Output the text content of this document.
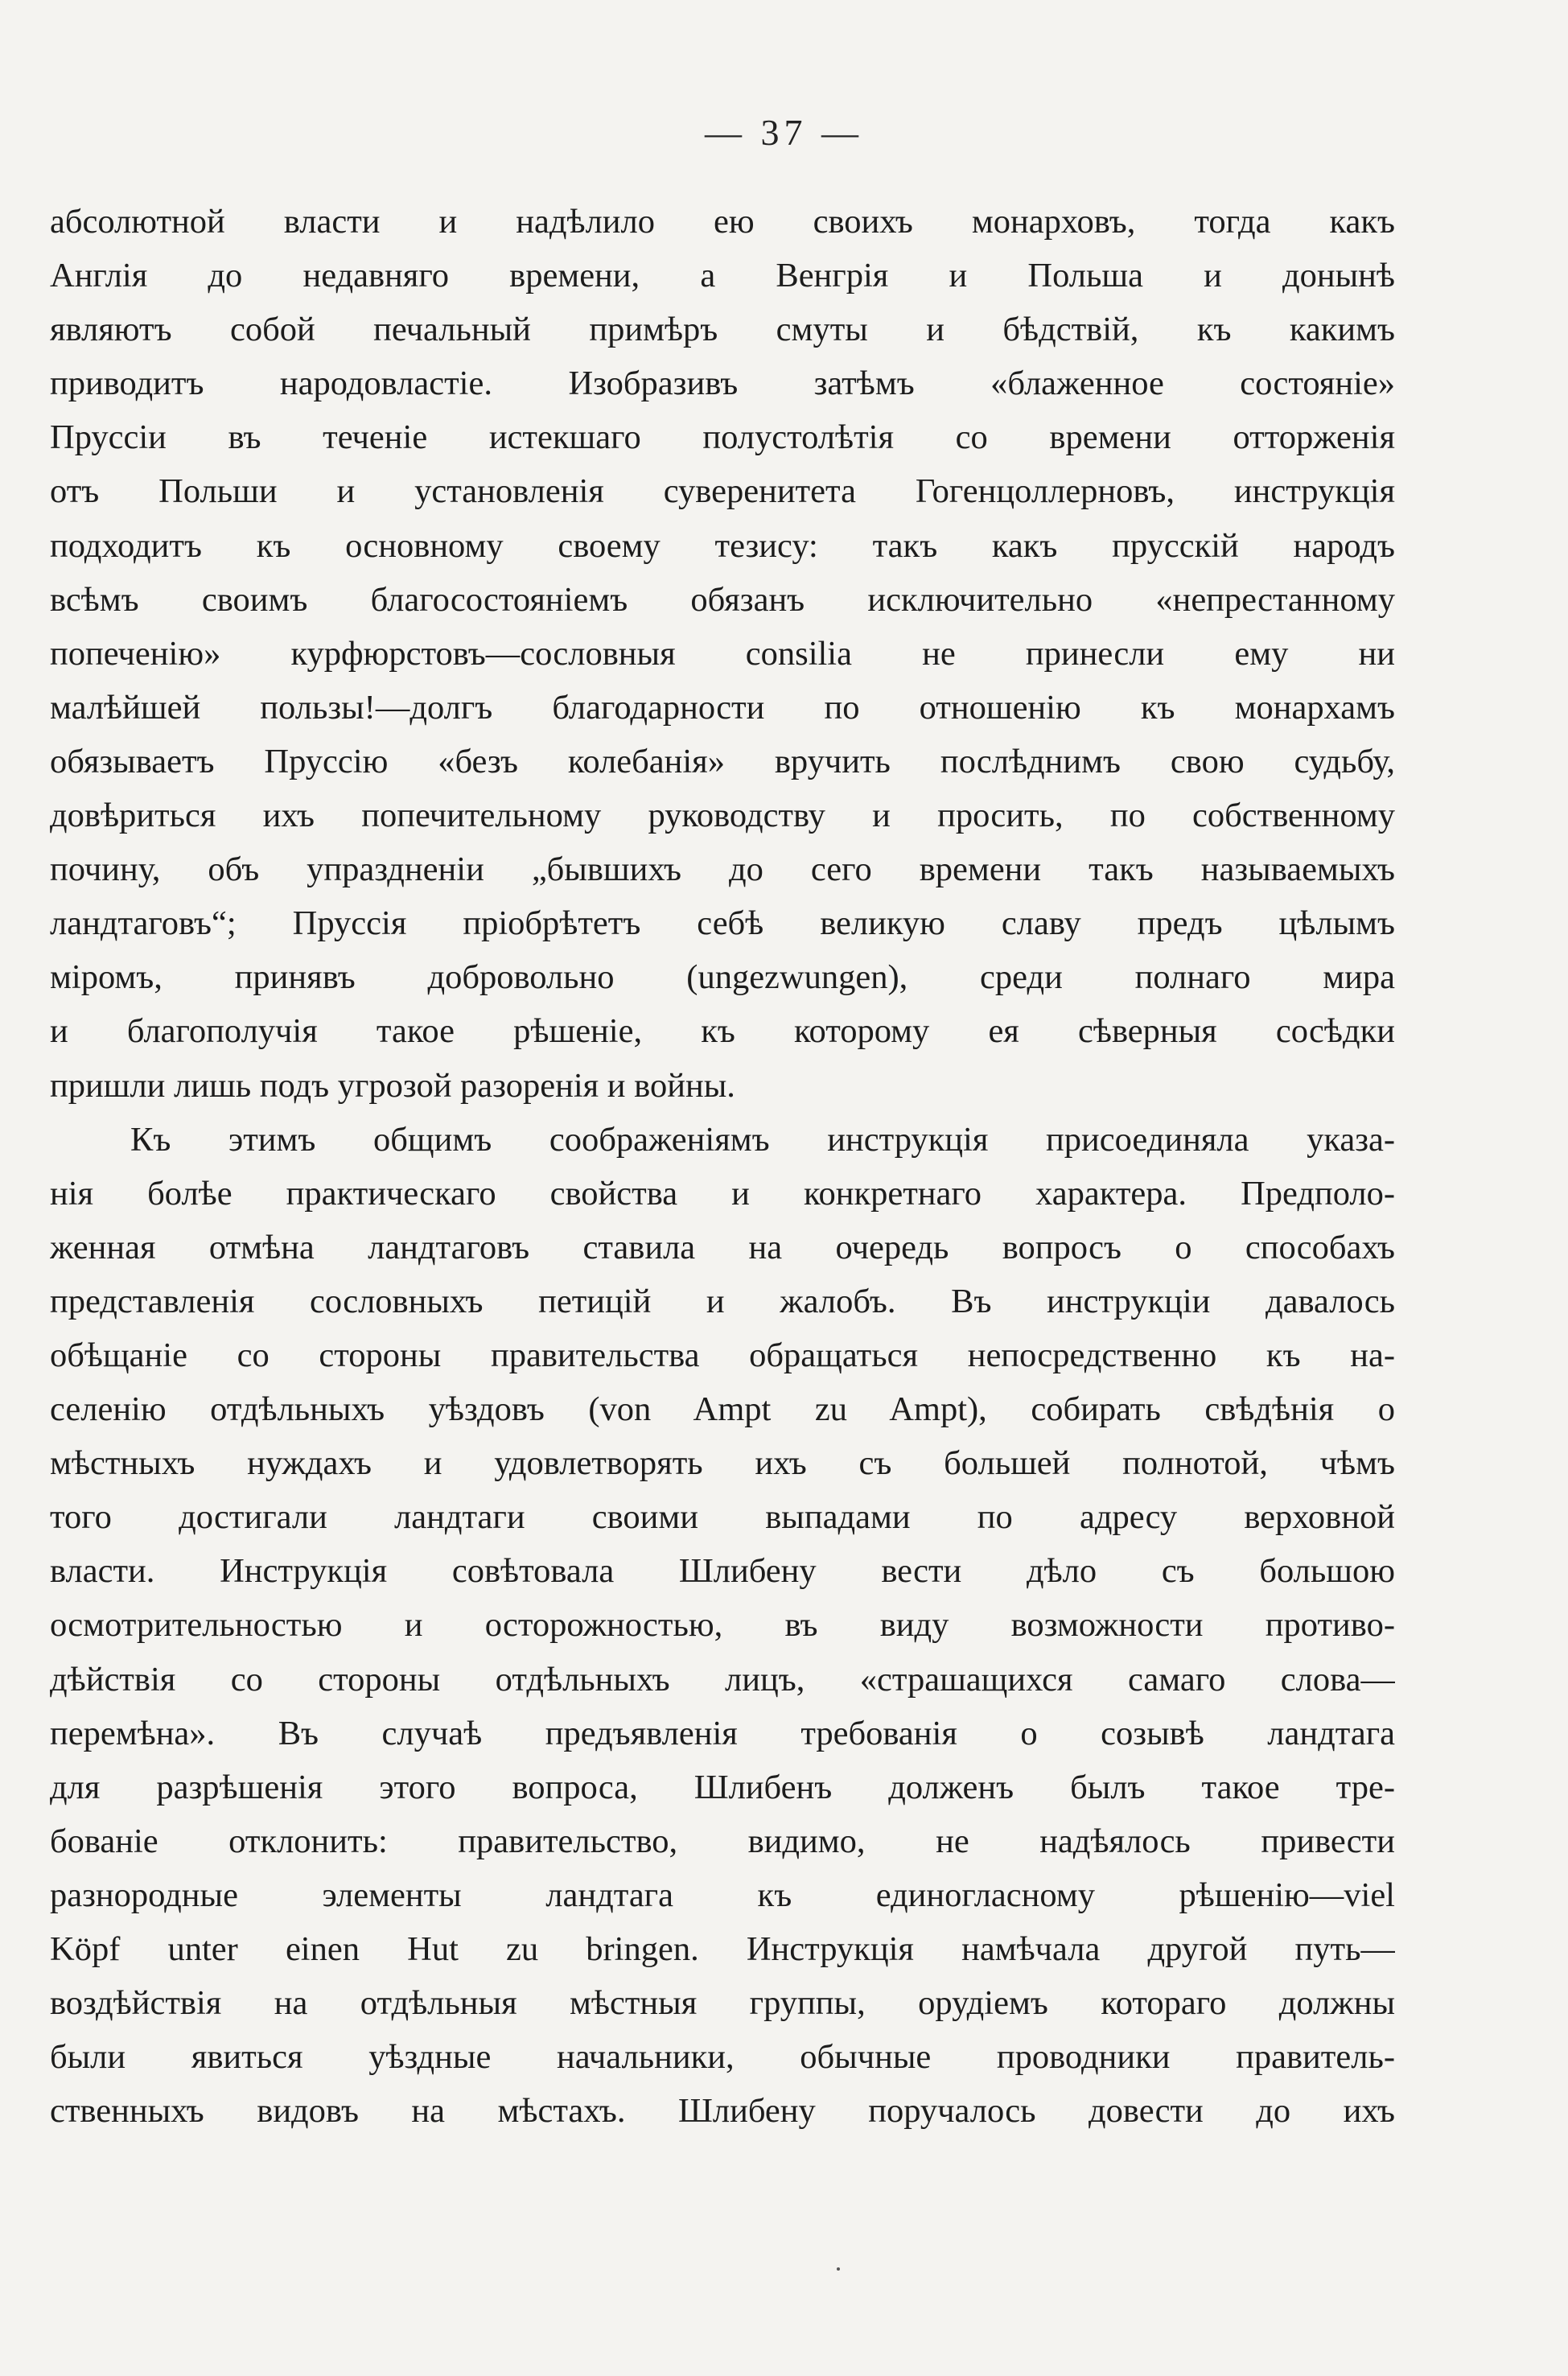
— 37 —
абсолютной власти и надѣлило ею своихъ монарховъ, тогда какъ
Англія до недавняго времени, а Венгрія и Польша и донынѣ
являютъ собой печальный примѣръ смуты и бѣдствій, къ какимъ
приводитъ народовластіе. Изобразивъ затѣмъ «блаженное состояніе»
Пруссіи въ теченіе истекшаго полустолѣтія со времени отторженія
отъ Польши и установленія суверенитета Гогенцоллерновъ, инструкція
подходитъ къ основному своему тезису: такъ какъ прусскій народъ
всѣмъ своимъ благосостояніемъ обязанъ исключительно «непрестанному
попеченію» курфюрстовъ—сословныя consilia не принесли ему ни
малѣйшей пользы!—долгъ благодарности по отношенію къ монархамъ
обязываетъ Пруссію «безъ колебанія» вручить послѣднимъ свою судьбу,
довѣриться ихъ попечительному руководству и просить, по собственному
почину, объ упраздненіи „бывшихъ до сего времени такъ называемыхъ
ландтаговъ“; Пруссія пріобрѣтетъ себѣ великую славу предъ цѣлымъ
міромъ, принявъ добровольно (ungezwungen), среди полнаго мира
и благополучія такое рѣшеніе, къ которому ея сѣверныя сосѣдки
пришли лишь подъ угрозой разоренія и войны.
Къ этимъ общимъ соображеніямъ инструкція присоединяла указа-
нія болѣе практическаго свойства и конкретнаго характера. Предполо-
женная отмѣна ландтаговъ ставила на очередь вопросъ о способахъ
представленія сословныхъ петицій и жалобъ. Въ инструкціи давалось
обѣщаніе со стороны правительства обращаться непосредственно къ на-
селенію отдѣльныхъ уѣздовъ (von Ampt zu Ampt), собирать свѣдѣнія о
мѣстныхъ нуждахъ и удовлетворять ихъ съ большей полнотой, чѣмъ
того достигали ландтаги своими выпадами по адресу верховной
власти. Инструкція совѣтовала Шлибену вести дѣло съ большою
осмотрительностью и осторожностью, въ виду возможности противо-
дѣйствія со стороны отдѣльныхъ лицъ, «страшащихся самаго слова—
перемѣна». Въ случаѣ предъявленія требованія о созывѣ ландтага
для разрѣшенія этого вопроса, Шлибенъ долженъ былъ такое тре-
бованіе отклонить: правительство, видимо, не надѣялось привести
разнородные элементы ландтага къ единогласному рѣшенію—viel
Köpf unter einen Hut zu bringen. Инструкція намѣчала другой путь—
воздѣйствія на отдѣльныя мѣстныя группы, орудіемъ котораго должны
были явиться уѣздные начальники, обычные проводники правитель-
ственныхъ видовъ на мѣстахъ. Шлибену поручалось довести до ихъ
